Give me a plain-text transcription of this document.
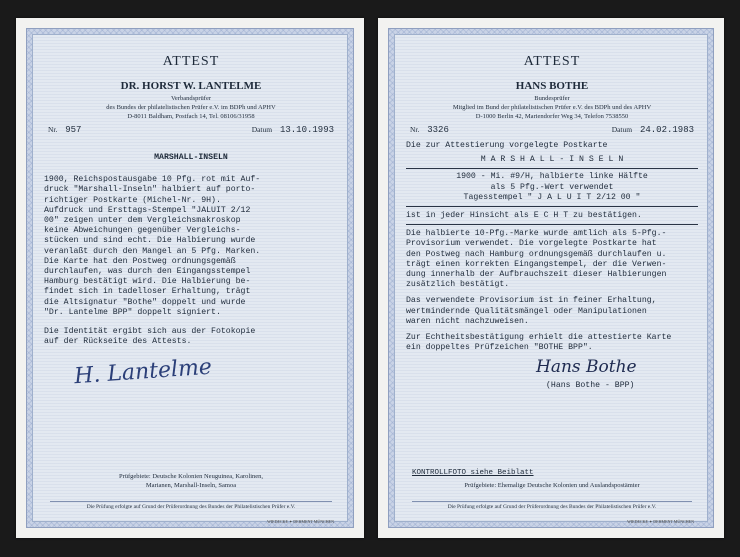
ATTEST
DR. HORST W. LANTELME
Verbandsprüfer
des Bundes der philatelistischen Prüfer e.V. im BDPh und APHV
D-8011 Baldham, Postfach 14, Tel. 08106/31958
Nr. 957	Datum 13.10.1993
MARSHALL-INSELN
1900, Reichspostausgabe 10 Pfg. rot mit Auf-
druck "Marshall-Inseln" halbiert auf porto-
richtiger Postkarte (Michel-Nr. 9H).
Aufdruck und Ersttags-Stempel "JALUIT 2/12
00" zeigen unter dem Vergleichsmakroskop
keine Abweichungen gegenüber Vergleichs-
stücken und sind echt. Die Halbierung wurde
veranlaßt durch den Mangel an 5 Pfg. Marken.
Die Karte hat den Postweg ordnungsgemäß
durchlaufen, was durch den Eingangsstempel
Hamburg bestätigt wird. Die Halbierung be-
findet sich in tadelloser Erhaltung, trägt
die Altsignatur "Bothe" doppelt und wurde
"Dr. Lantelme BPP" doppelt signiert.
Die Identität ergibt sich aus der Fotokopie
auf der Rückseite des Attests.
H. Lantelme
Prüfgebiete: Deutsche Kolonien Neuguinea, Karolinen,
Marianen, Marshall-Inseln, Samoa
Die Prüfung erfolgte auf Grund der Prüferordnung des Bundes der Philatelistischen Prüfer e.V.
WIEDECKE ✦ DEHMENT MÜNCHEN
ATTEST
HANS BOTHE
Bundesprüfer
Mitglied im Bund der philatelistischen Prüfer e.V. des BDPh und des APHV
D-1000 Berlin 42, Mariendorfer Weg 34, Telefon 7538550
Nr. 3326	Datum 24.02.1983
Die zur Attestierung vorgelegte Postkarte
M A R S H A L L - I N S E L N
1900 - Mi. #9/H, halbierte linke Hälfte
als 5 Pfg.-Wert verwendet
Tagesstempel " J A L U I T 2/12 00 "
ist in jeder Hinsicht als E C H T zu bestätigen.
Die halbierte 10-Pfg.-Marke wurde amtlich als 5-Pfg.-
Provisorium verwendet. Die vorgelegte Postkarte hat
den Postweg nach Hamburg ordnungsgemäß durchlaufen u.
trägt einen korrekten Eingangstempel, der die Verwen-
dung innerhalb der Aufbrauchszeit dieser Halbierungen
zusätzlich bestätigt.
Das verwendete Provisorium ist in feiner Erhaltung,
wertmindernde Qualitätsmängel oder Manipulationen
waren nicht nachzuweisen.
Zur Echtheitsbestätigung erhielt die attestierte Karte
ein doppeltes Prüfzeichen "BOTHE BPP".
Hans Bothe
(Hans Bothe - BPP)
KONTROLLFOTO siehe Beiblatt
Prüfgebiete: Ehemalige Deutsche Kolonien und Auslandspostämter
Die Prüfung erfolgte auf Grund der Prüferordnung des Bundes der Philatelistischen Prüfer e.V.
WIEDECKE ✦ DEHMENT MÜNCHEN
